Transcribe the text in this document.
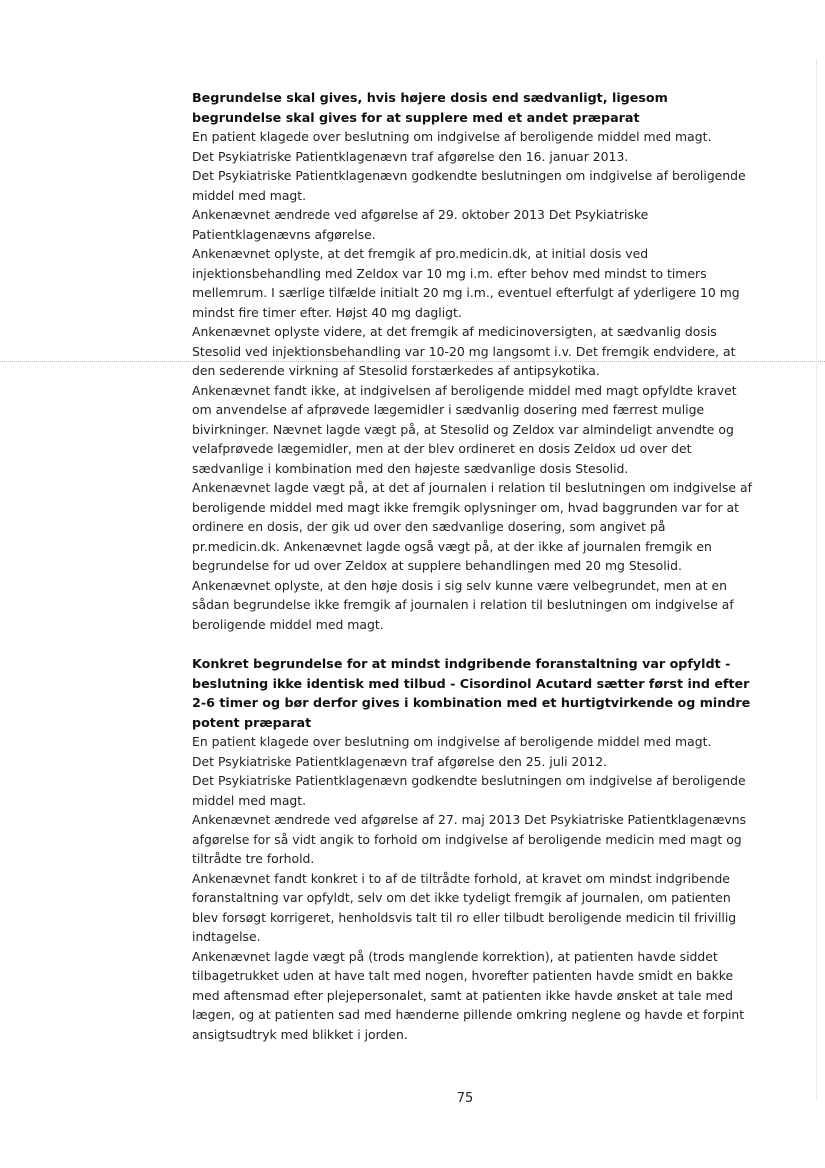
Begrundelse skal gives, hvis højere dosis end sædvanligt, ligesom begrundelse skal gives for at supplere med et andet præparat

En patient klagede over beslutning om indgivelse af beroligende middel med magt.

Det Psykiatriske Patientklagenævn traf afgørelse den 16. januar 2013.

Det Psykiatriske Patientklagenævn godkendte beslutningen om indgivelse af beroligende middel med magt.

Ankenævnet ændrede ved afgørelse af 29. oktober 2013 Det Psykiatriske Patientklagenævns afgørelse.

Ankenævnet oplyste, at det fremgik af pro.medicin.dk, at initial dosis ved injektionsbehandling med Zeldox var 10 mg i.m. efter behov med mindst to timers mellemrum. I særlige tilfælde initialt 20 mg i.m., eventuel efterfulgt af yderligere 10 mg mindst fire timer efter. Højst 40 mg dagligt.

Ankenævnet oplyste videre, at det fremgik af medicinoversigten, at sædvanlig dosis Stesolid ved injektionsbehandling var 10-20 mg langsomt i.v. Det fremgik endvidere, at den sederende virkning af Stesolid forstærkedes af antipsykotika.

Ankenævnet fandt ikke, at indgivelsen af beroligende middel med magt opfyldte kravet om anvendelse af afprøvede lægemidler i sædvanlig dosering med færrest mulige bivirkninger. Nævnet lagde vægt på, at Stesolid og Zeldox var almindeligt anvendte og velafprøvede lægemidler, men at der blev ordineret en dosis Zeldox ud over det sædvanlige i kombination med den højeste sædvanlige dosis Stesolid.

Ankenævnet lagde vægt på, at det af journalen i relation til beslutningen om indgivelse af beroligende middel med magt ikke fremgik oplysninger om, hvad baggrunden var for at ordinere en dosis, der gik ud over den sædvanlige dosering, som angivet på pr.medicin.dk. Ankenævnet lagde også vægt på, at der ikke af journalen fremgik en begrundelse for ud over Zeldox at supplere behandlingen med 20 mg Stesolid.

Ankenævnet oplyste, at den høje dosis i sig selv kunne være velbegrundet, men at en sådan begrundelse ikke fremgik af journalen i relation til beslutningen om indgivelse af beroligende middel med magt.

Konkret begrundelse for at mindst indgribende foranstaltning var opfyldt - beslutning ikke identisk med tilbud - Cisordinol Acutard sætter først ind efter 2-6 timer og bør derfor gives i kombination med et hurtigtvirkende og mindre potent præparat

En patient klagede over beslutning om indgivelse af beroligende middel med magt.

Det Psykiatriske Patientklagenævn traf afgørelse den 25. juli 2012.

Det Psykiatriske Patientklagenævn godkendte beslutningen om indgivelse af beroligende middel med magt.

Ankenævnet ændrede ved afgørelse af 27. maj 2013 Det Psykiatriske Patientklagenævns afgørelse for så vidt angik to forhold om indgivelse af beroligende medicin med magt og tiltrådte tre forhold.

Ankenævnet fandt konkret i to af de tiltrådte forhold, at kravet om mindst indgribende foranstaltning var opfyldt, selv om det ikke tydeligt fremgik af journalen, om patienten blev forsøgt korrigeret, henholdsvis talt til ro eller tilbudt beroligende medicin til frivillig indtagelse.

Ankenævnet lagde vægt på (trods manglende korrektion), at patienten havde siddet tilbagetrukket uden at have talt med nogen, hvorefter patienten havde smidt en bakke med aftensmad efter plejepersonalet, samt at patienten ikke havde ønsket at tale med lægen, og at patienten sad med hænderne pillende omkring neglene og havde et forpint ansigtsudtryk med blikket i jorden.

75
